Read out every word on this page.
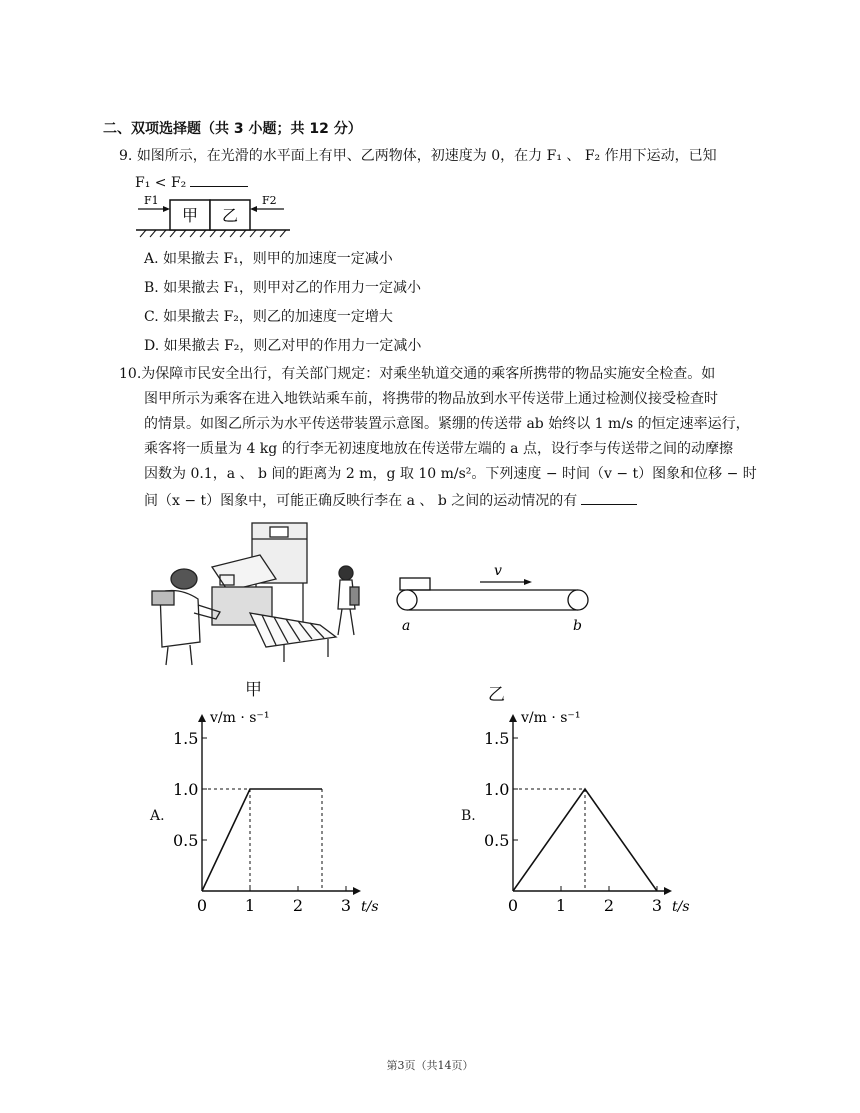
二、双项选择题（共 3 小题；共 12 分）
9. 如图所示，在光滑的水平面上有甲、乙两物体，初速度为 0，在力 F₁ 、 F₂ 作用下运动，已知
F₁ < F₂
甲 乙
F1	F2
A. 如果撤去 F₁，则甲的加速度一定减小
B. 如果撤去 F₁，则甲对乙的作用力一定减小
C. 如果撤去 F₂，则乙的加速度一定增大
D. 如果撤去 F₂，则乙对甲的作用力一定减小
10.为保障市民安全出行，有关部门规定：对乘坐轨道交通的乘客所携带的物品实施安全检查。如
图甲所示为乘客在进入地铁站乘车前，将携带的物品放到水平传送带上通过检测仪接受检查时
的情景。如图乙所示为水平传送带装置示意图。紧绷的传送带 ab 始终以 1 m/s 的恒定速率运行，
乘客将一质量为 4 kg 的行李无初速度地放在传送带左端的 a 点，设行李与传送带之间的动摩擦
因数为 0.1，a 、 b 间的距离为 2 m，g 取 10 m/s²。下列速度 − 时间（v − t）图象和位移 − 时
间（x − t）图象中，可能正确反映行李在 a 、 b 之间的运动情况的有
甲
v
a	b
乙
A.
v/m · s⁻¹
t/s
1.5
1.0
0.5
0 1 2 3
B.
v/m · s⁻¹
t/s
1.5
1.0
0.5
0 1 2 3
第3页（共14页）
